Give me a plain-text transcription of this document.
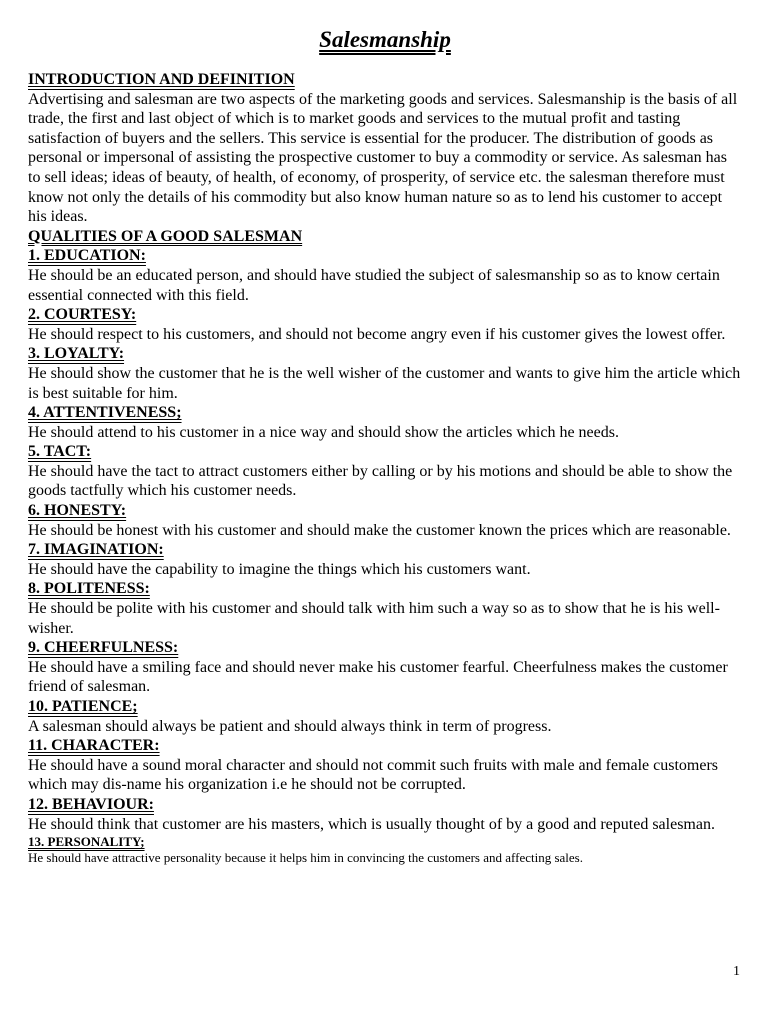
Salesmanship
INTRODUCTION AND DEFINITION

Advertising and salesman are two aspects of the marketing goods and services. Salesmanship is the basis of all trade, the first and last object of which is to market goods and services to the mutual profit and tasting satisfaction of buyers and the sellers. This service is essential for the producer. The distribution of goods as personal or impersonal of assisting the prospective customer to buy a commodity or service. As salesman has to sell ideas; ideas of beauty, of health, of economy, of prosperity, of service etc. the salesman therefore must know not only the details of his commodity but also know human nature so as to lend his customer to accept his ideas.

QUALITIES OF A GOOD SALESMAN
1. EDUCATION:

He should be an educated person, and should have studied the subject of salesmanship so as to know certain essential connected with this field.

2. COURTESY:

He should respect to his customers, and should not become angry even if his customer gives the lowest offer.

3. LOYALTY:

He should show the customer that he is the well wisher of the customer and wants to give him the article which is best suitable for him.

4. ATTENTIVENESS;

He should attend to his customer in a nice way and should show the articles which he needs.

5. TACT:

He should have the tact to attract customers either by calling or by his motions and should be able to show the goods tactfully which his customer needs.

6. HONESTY:

He should be honest with his customer and should make the customer known the prices which are reasonable.

7. IMAGINATION:

He should have the capability to imagine the things which his customers want.

8. POLITENESS:

He should be polite with his customer and should talk with him such a way so as to show that he is his well-wisher.

9. CHEERFULNESS:

He should have a smiling face and should never make his customer fearful. Cheerfulness makes the customer friend of salesman.

10. PATIENCE;

A salesman should always be patient and should always think in term of progress.

11. CHARACTER:

He should have a sound moral character and should not commit such fruits with male and female customers which may dis-name his organization i.e he should not be corrupted.

12. BEHAVIOUR:

He should think that customer are his masters, which is usually thought of by a good and reputed salesman.

13. PERSONALITY;

He should have attractive personality because it helps him in convincing the customers and affecting sales.

1
